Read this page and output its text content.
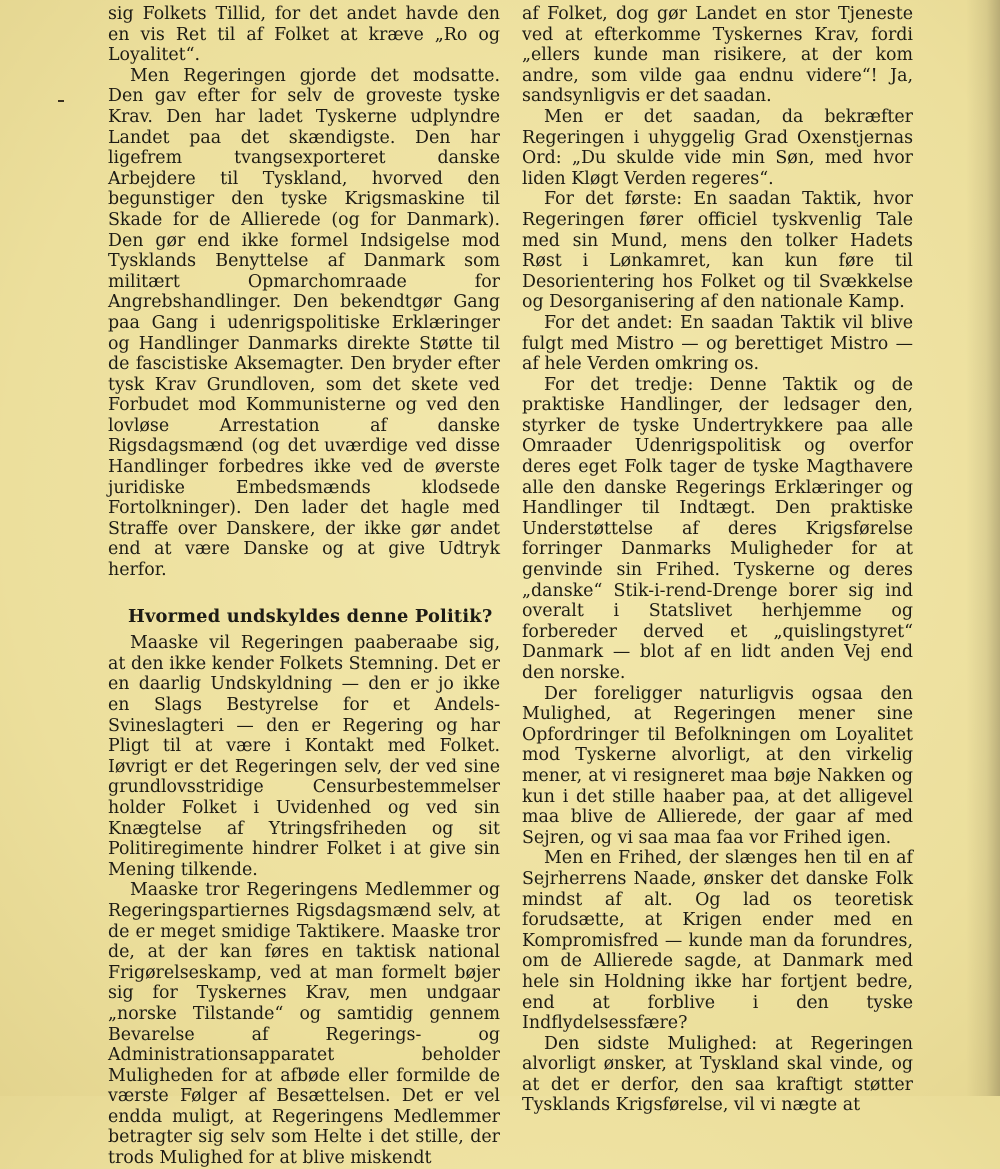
sig Folkets Tillid, for det andet havde den en vis Ret til af Folket at kræve „Ro og Loyalitet“.

Men Regeringen gjorde det modsatte. Den gav efter for selv de groveste tyske Krav. Den har ladet Tyskerne udplyndre Landet paa det skændigste. Den har ligefrem tvangsexporteret danske Arbejdere til Tyskland, hvorved den begunstiger den tyske Krigsmaskine til Skade for de Allierede (og for Danmark). Den gør end ikke formel Indsigelse mod Tysklands Benyttelse af Danmark som militært Opmarchomraade for Angrebshandlinger. Den bekendtgør Gang paa Gang i udenrigspolitiske Erklæringer og Handlinger Danmarks direkte Støtte til de fascistiske Aksemagter. Den bryder efter tysk Krav Grundloven, som det skete ved Forbudet mod Kommunisterne og ved den lovløse Arrestation af danske Rigsdagsmænd (og det uværdige ved disse Handlinger forbedres ikke ved de øverste juridiske Embedsmænds klodsede Fortolkninger). Den lader det hagle med Straffe over Danskere, der ikke gør andet end at være Danske og at give Udtryk herfor.

Hvormed undskyldes denne Politik?

Maaske vil Regeringen paaberaabe sig, at den ikke kender Folkets Stemning. Det er en daarlig Undskyldning — den er jo ikke en Slags Bestyrelse for et Andels-Svineslagteri — den er Regering og har Pligt til at være i Kontakt med Folket. Iøvrigt er det Regeringen selv, der ved sine grundlovsstridige Censurbestemmelser holder Folket i Uvidenhed og ved sin Knægtelse af Ytringsfriheden og sit Politiregimente hindrer Folket i at give sin Mening tilkende.

Maaske tror Regeringens Medlemmer og Regeringspartiernes Rigsdagsmænd selv, at de er meget smidige Taktikere. Maaske tror de, at der kan føres en taktisk national Frigørelseskamp, ved at man formelt bøjer sig for Tyskernes Krav, men undgaar „norske Tilstande“ og samtidig gennem Bevarelse af Regerings- og Administrationsapparatet beholder Muligheden for at afbøde eller formilde de værste Følger af Besættelsen. Det er vel endda muligt, at Regeringens Medlemmer betragter sig selv som Helte i det stille, der trods Mulighed for at blive miskendt

af Folket, dog gør Landet en stor Tjeneste ved at efterkomme Tyskernes Krav, fordi „ellers kunde man risikere, at der kom andre, som vilde gaa endnu videre“! Ja, sandsynligvis er det saadan.

Men er det saadan, da bekræfter Regeringen i uhyggelig Grad Oxenstjernas Ord: „Du skulde vide min Søn, med hvor liden Kløgt Verden regeres“.

For det første: En saadan Taktik, hvor Regeringen fører officiel tyskvenlig Tale med sin Mund, mens den tolker Hadets Røst i Lønkamret, kan kun føre til Desorientering hos Folket og til Svækkelse og Desorganisering af den nationale Kamp.

For det andet: En saadan Taktik vil blive fulgt med Mistro — og berettiget Mistro — af hele Verden omkring os.

For det tredje: Denne Taktik og de praktiske Handlinger, der ledsager den, styrker de tyske Undertrykkere paa alle Omraader Udenrigspolitisk og overfor deres eget Folk tager de tyske Magthavere alle den danske Regerings Erklæringer og Handlinger til Indtægt. Den praktiske Understøttelse af deres Krigsførelse forringer Danmarks Muligheder for at genvinde sin Frihed. Tyskerne og deres „danske“ Stik-i-rend-Drenge borer sig ind overalt i Statslivet herhjemme og forbereder derved et „quislingstyret“ Danmark — blot af en lidt anden Vej end den norske.

Der foreligger naturligvis ogsaa den Mulighed, at Regeringen mener sine Opfordringer til Befolkningen om Loyalitet mod Tyskerne alvorligt, at den virkelig mener, at vi resigneret maa bøje Nakken og kun i det stille haaber paa, at det alligevel maa blive de Allierede, der gaar af med Sejren, og vi saa maa faa vor Frihed igen.

Men en Frihed, der slænges hen til en af Sejrherrens Naade, ønsker det danske Folk mindst af alt. Og lad os teoretisk forudsætte, at Krigen ender med en Kompromisfred — kunde man da forundres, om de Allierede sagde, at Danmark med hele sin Holdning ikke har fortjent bedre, end at forblive i den tyske Indflydelsessfære?

Den sidste Mulighed: at Regeringen alvorligt ønsker, at Tyskland skal vinde, og at det er derfor, den saa kraftigt støtter Tysklands Krigsførelse, vil vi nægte at
